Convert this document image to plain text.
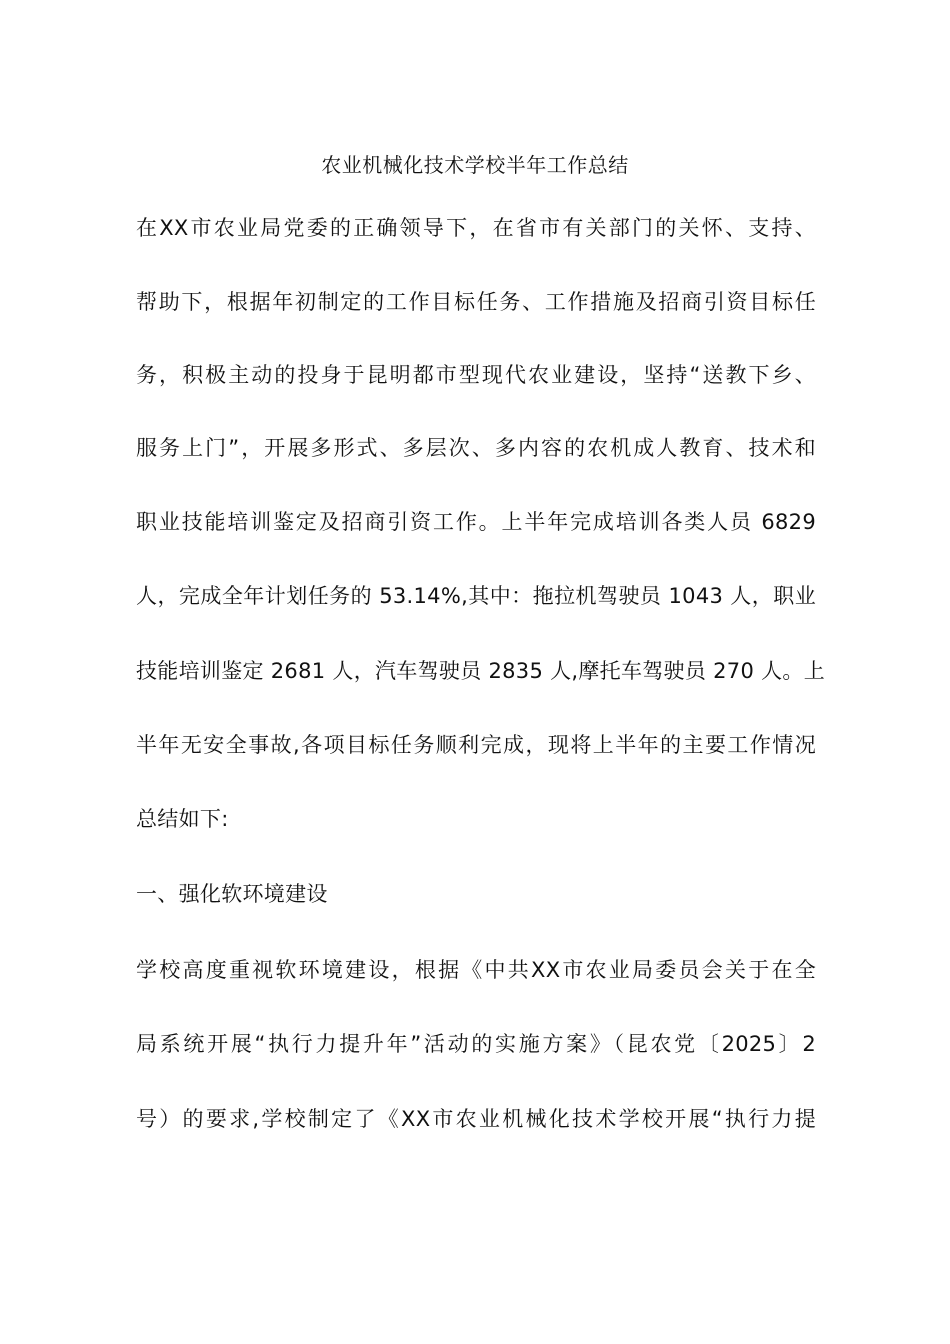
农业机械化技术学校半年工作总结
在XX市农业局党委的正确领导下，在省市有关部门的关怀、支持、
帮助下，根据年初制定的工作目标任务、工作措施及招商引资目标任
务，积极主动的投身于昆明都市型现代农业建设，坚持“送教下乡、
服务上门”，开展多形式、多层次、多内容的农机成人教育、技术和
职业技能培训鉴定及招商引资工作。上半年完成培训各类人员 6829
人，完成全年计划任务的 53.14%,其中：拖拉机驾驶员 1043 人，职业
技能培训鉴定 2681 人，汽车驾驶员 2835 人,摩托车驾驶员 270 人。上
半年无安全事故,各项目标任务顺利完成，现将上半年的主要工作情况
总结如下:
一、强化软环境建设
学校高度重视软环境建设，根据《中共XX市农业局委员会关于在全
局系统开展“执行力提升年”活动的实施方案》（昆农党〔2025〕2
号）的要求,学校制定了《XX市农业机械化技术学校开展“执行力提
